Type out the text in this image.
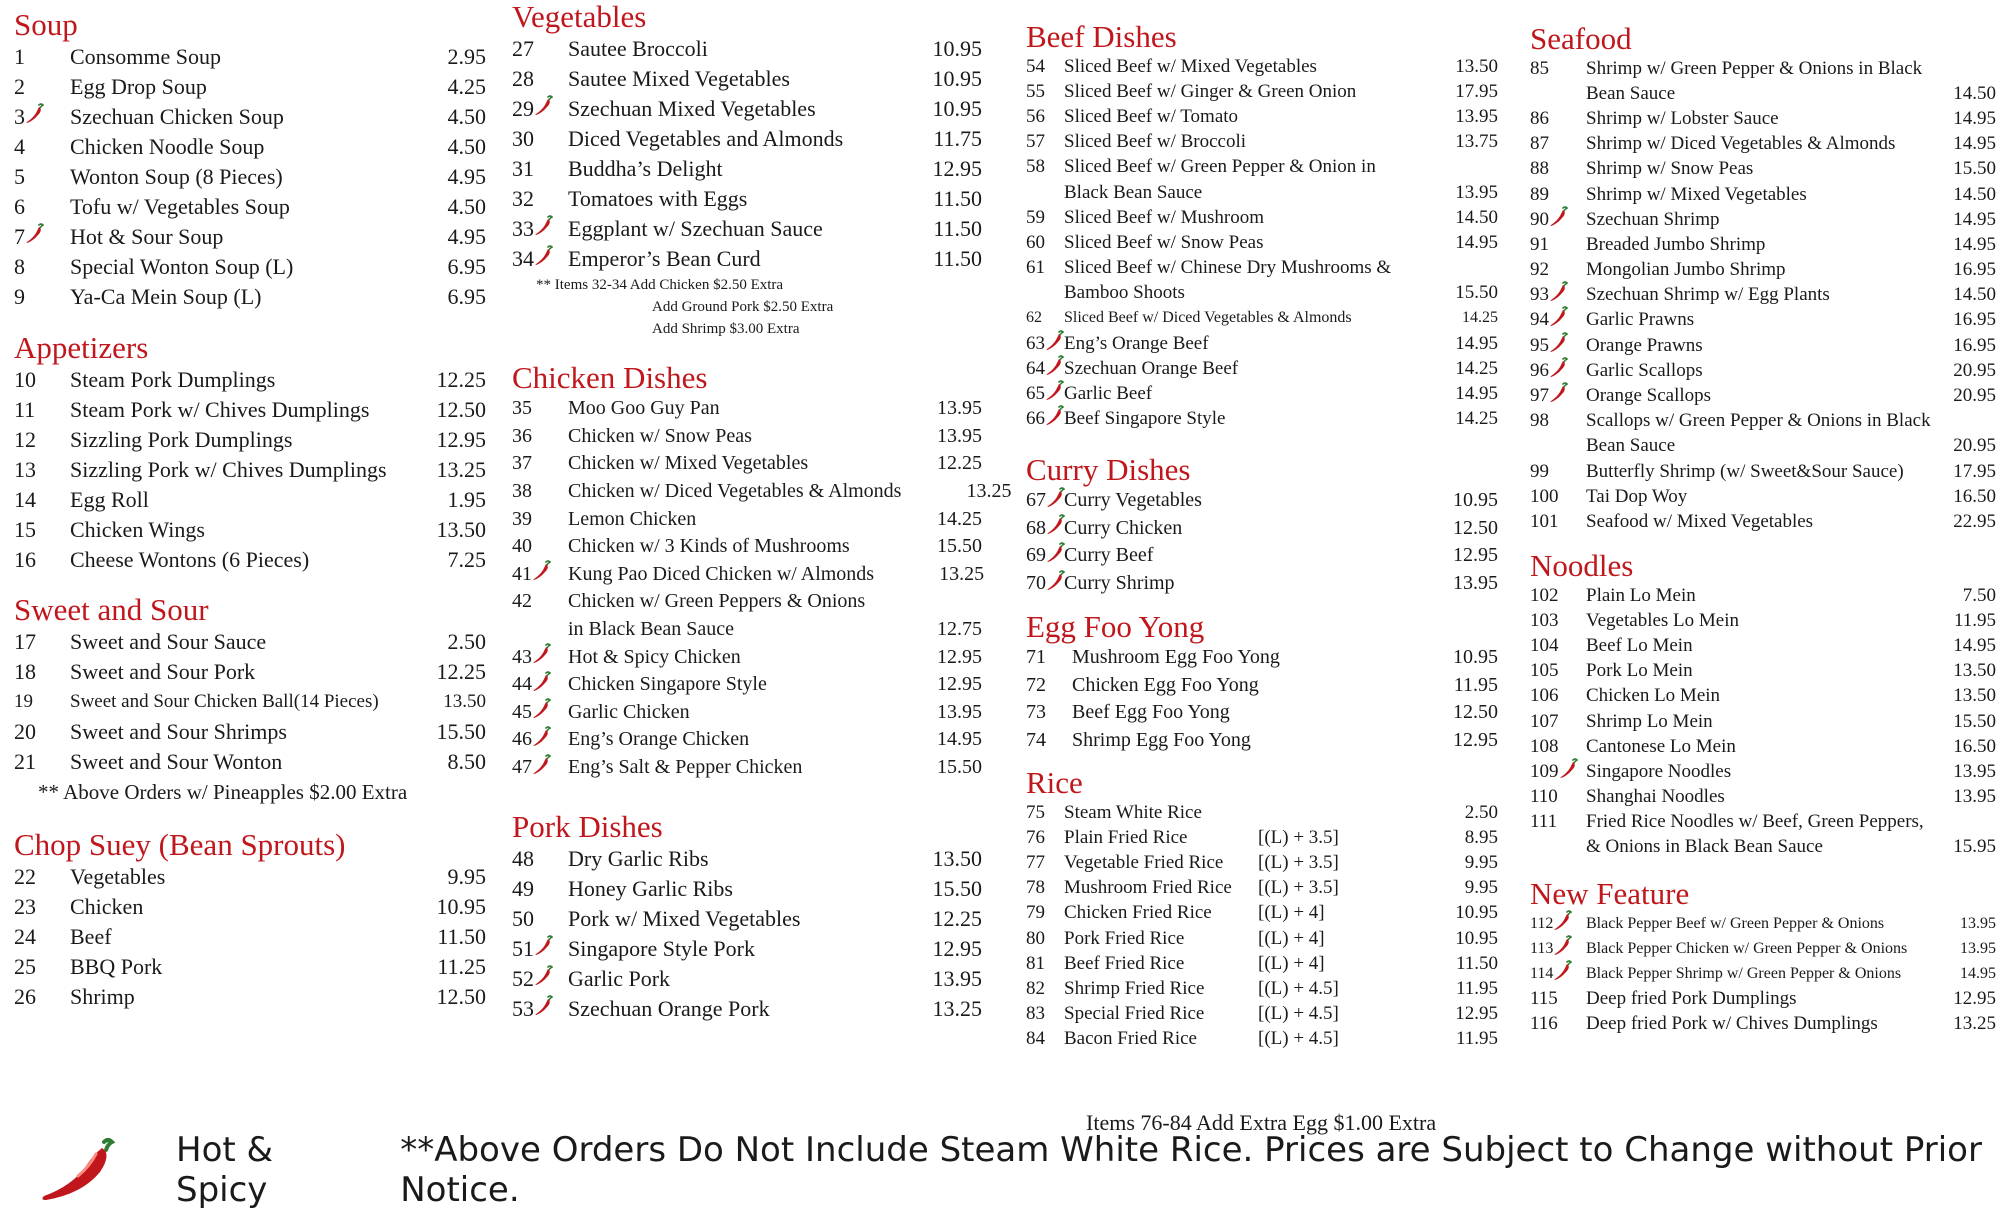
Soup
1 Consomme Soup	2.95
2 Egg Drop Soup	4.25
3 Szechuan Chicken Soup	4.50
4 Chicken Noodle Soup	4.50
5 Wonton Soup (8 Pieces)	4.95
6 Tofu w/ Vegetables Soup	4.50
7 Hot & Sour Soup	4.95
8 Special Wonton Soup (L)	6.95
9 Ya-Ca Mein Soup (L)	6.95
Appetizers
10 Steam Pork Dumplings	12.25
11 Steam Pork w/ Chives Dumplings	12.50
12 Sizzling Pork Dumplings	12.95
13 Sizzling Pork w/ Chives Dumplings	13.25
14 Egg Roll	1.95
15 Chicken Wings	13.50
16 Cheese Wontons (6 Pieces)	7.25
Sweet and Sour
17 Sweet and Sour Sauce	2.50
18 Sweet and Sour Pork	12.25
19 Sweet and Sour Chicken Ball(14 Pieces)	13.50
20 Sweet and Sour Shrimps	15.50
21 Sweet and Sour Wonton	8.50
** Above Orders w/ Pineapples $2.00 Extra
Chop Suey (Bean Sprouts)
22 Vegetables	9.95
23 Chicken	10.95
24 Beef	11.50
25 BBQ Pork	11.25
26 Shrimp	12.50
Vegetables
27 Sautee Broccoli	10.95
28 Sautee Mixed Vegetables	10.95
29 Szechuan Mixed Vegetables	10.95
30 Diced Vegetables and Almonds	11.75
31 Buddha’s Delight	12.95
32 Tomatoes with Eggs	11.50
33 Eggplant w/ Szechuan Sauce	11.50
34 Emperor’s Bean Curd	11.50
** Items 32-34 Add Chicken $2.50 Extra
Add Ground Pork $2.50 Extra
Add Shrimp $3.00 Extra
Chicken Dishes
35 Moo Goo Guy Pan	13.95
36 Chicken w/ Snow Peas	13.95
37 Chicken w/ Mixed Vegetables	12.25
38 Chicken w/ Diced Vegetables & Almonds	13.25
39 Lemon Chicken	14.25
40 Chicken w/ 3 Kinds of Mushrooms	15.50
41 Kung Pao Diced Chicken w/ Almonds	13.25
42 Chicken w/ Green Peppers & Onions
in Black Bean Sauce	12.75
43 Hot & Spicy Chicken	12.95
44 Chicken Singapore Style	12.95
45 Garlic Chicken	13.95
46 Eng’s Orange Chicken	14.95
47 Eng’s Salt & Pepper Chicken	15.50
Pork Dishes
48 Dry Garlic Ribs	13.50
49 Honey Garlic Ribs	15.50
50 Pork w/ Mixed Vegetables	12.25
51 Singapore Style Pork	12.95
52 Garlic Pork	13.95
53 Szechuan Orange Pork	13.25
Beef Dishes
54 Sliced Beef w/ Mixed Vegetables	13.50
55 Sliced Beef w/ Ginger & Green Onion	17.95
56 Sliced Beef w/ Tomato	13.95
57 Sliced Beef w/ Broccoli	13.75
58 Sliced Beef w/ Green Pepper & Onion in
Black Bean Sauce	13.95
59 Sliced Beef w/ Mushroom	14.50
60 Sliced Beef w/ Snow Peas	14.95
61 Sliced Beef w/ Chinese Dry Mushrooms &
Bamboo Shoots	15.50
62 Sliced Beef w/ Diced Vegetables & Almonds	14.25
63 Eng’s Orange Beef	14.95
64 Szechuan Orange Beef	14.25
65 Garlic Beef	14.95
66 Beef Singapore Style	14.25
Curry Dishes
67 Curry Vegetables	10.95
68 Curry Chicken	12.50
69 Curry Beef	12.95
70 Curry Shrimp	13.95
Egg Foo Yong
71 Mushroom Egg Foo Yong	10.95
72 Chicken Egg Foo Yong	11.95
73 Beef Egg Foo Yong	12.50
74 Shrimp Egg Foo Yong	12.95
Rice
75 Steam White Rice	2.50
76 Plain Fried Rice	[(L) + 3.5]	8.95
77 Vegetable Fried Rice	[(L) + 3.5]	9.95
78 Mushroom Fried Rice	[(L) + 3.5]	9.95
79 Chicken Fried Rice	[(L) + 4]	10.95
80 Pork Fried Rice	[(L) + 4]	10.95
81 Beef Fried Rice	[(L) + 4]	11.50
82 Shrimp Fried Rice	[(L) + 4.5]	11.95
83 Special Fried Rice	[(L) + 4.5]	12.95
84 Bacon Fried Rice	[(L) + 4.5]	11.95
Seafood
85 Shrimp w/ Green Pepper & Onions in Black
Bean Sauce	14.50
86 Shrimp w/ Lobster Sauce	14.95
87 Shrimp w/ Diced Vegetables & Almonds	14.95
88 Shrimp w/ Snow Peas	15.50
89 Shrimp w/ Mixed Vegetables	14.50
90 Szechuan Shrimp	14.95
91 Breaded Jumbo Shrimp	14.95
92 Mongolian Jumbo Shrimp	16.95
93 Szechuan Shrimp w/ Egg Plants	14.50
94 Garlic Prawns	16.95
95 Orange Prawns	16.95
96 Garlic Scallops	20.95
97 Orange Scallops	20.95
98 Scallops w/ Green Pepper & Onions in Black
Bean Sauce	20.95
99 Butterfly Shrimp (w/ Sweet&Sour Sauce)	17.95
100 Tai Dop Woy	16.50
101 Seafood w/ Mixed Vegetables	22.95
Noodles
102 Plain Lo Mein	7.50
103 Vegetables Lo Mein	11.95
104 Beef Lo Mein	14.95
105 Pork Lo Mein	13.50
106 Chicken Lo Mein	13.50
107 Shrimp Lo Mein	15.50
108 Cantonese Lo Mein	16.50
109 Singapore Noodles	13.95
110 Shanghai Noodles	13.95
111 Fried Rice Noodles w/ Beef, Green Peppers,
& Onions in Black Bean Sauce	15.95
New Feature
112 Black Pepper Beef w/ Green Pepper & Onions	13.95
113 Black Pepper Chicken w/ Green Pepper & Onions	13.95
114 Black Pepper Shrimp w/ Green Pepper & Onions	14.95
115 Deep fried Pork Dumplings	12.95
116 Deep fried Pork w/ Chives Dumplings	13.25
Items 76-84 Add Extra Egg $1.00 Extra
Hot & Spicy
**Above Orders Do Not Include Steam White Rice. Prices are Subject to Change without Prior Notice.
